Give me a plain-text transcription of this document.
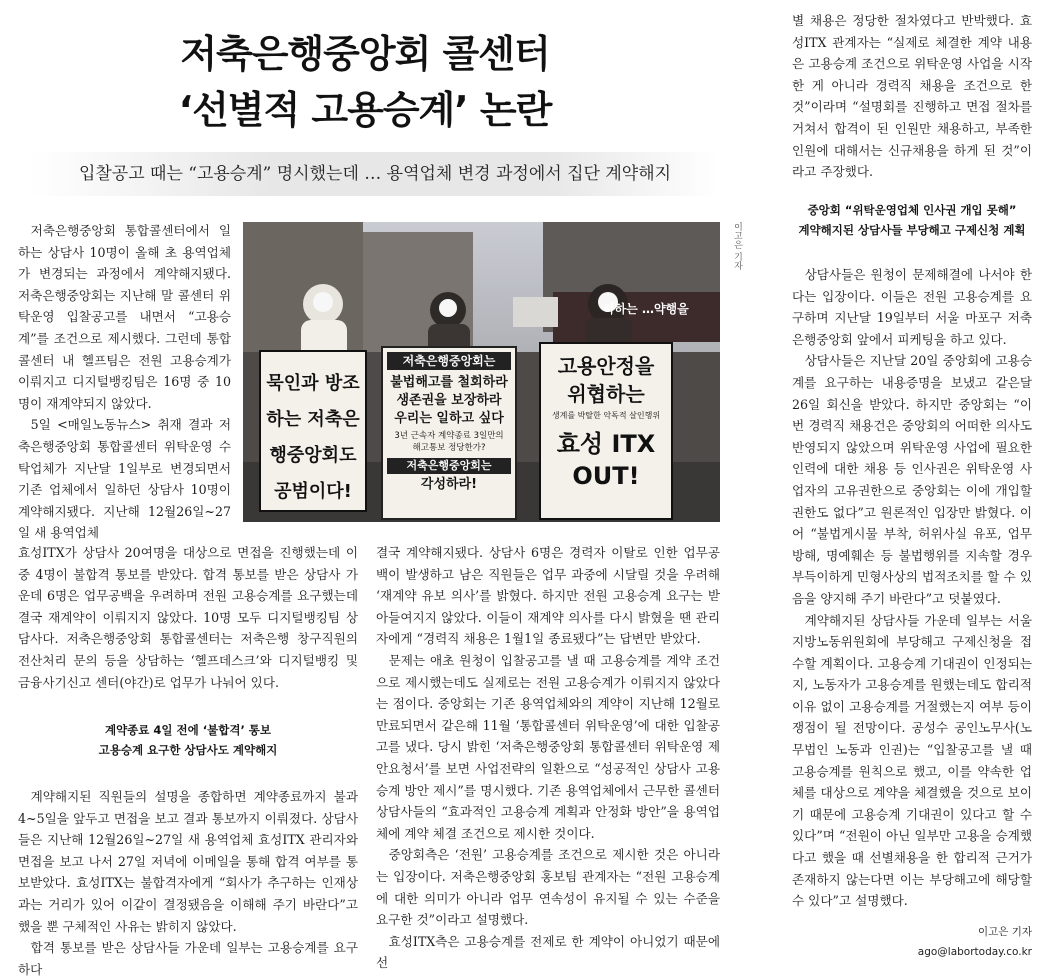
저축은행중앙회 콜센터
‘선별적 고용승계’ 논란
입찰공고 때는 “고용승계” 명시했는데 … 용역업체 변경 과정에서 집단 계약해지
묵인과 방조하는 저축은행중앙회도 공범이다!
저축은행중앙회는
불법해고를 철회하라
생존권을 보장하라
우리는 일하고 싶다
3년 근속자 계약종료 3일만의 해고통보 정당한가?
저축은행중앙회는
각성하라!
고용안정을 위협하는
생계를 박탈한 악독적 살인행위
효성 ITX OUT!
하하는 …약행을
이고은 기자

저축은행중앙회 통합콜센터에서 일하는 상담사 10명이 올해 초 용역업체가 변경되는 과정에서 계약해지됐다. 저축은행중앙회는 지난해 말 콜센터 위탁운영 입찰공고를 내면서 “고용승계”를 조건으로 제시했다. 그런데 통합콜센터 내 헬프팀은 전원 고용승계가 이뤄지고 디지털뱅킹팀은 16명 중 10명이 재계약되지 않았다.

5일 <매일노동뉴스> 취재 결과 저축은행중앙회 통합콜센터 위탁운영 수탁업체가 지난달 1일부로 변경되면서 기존 업체에서 일하던 상담사 10명이 계약해지됐다. 지난해 12월26일~27일 새 용역업체

효성ITX가 상담사 20여명을 대상으로 면접을 진행했는데 이 중 4명이 불합격 통보를 받았다. 합격 통보를 받은 상담사 가운데 6명은 업무공백을 우려하며 전원 고용승계를 요구했는데 결국 재계약이 이뤄지지 않았다. 10명 모두 디지털뱅킹팀 상담사다. 저축은행중앙회 통합콜센터는 저축은행 창구직원의 전산처리 문의 등을 상담하는 ‘헬프데스크’와 디지털뱅킹 및 금융사기신고 센터(야간)로 업무가 나눠어 있다.

계약종료 4일 전에 ‘불합격’ 통보
고용승계 요구한 상담사도 계약해지

계약해지된 직원들의 설명을 종합하면 계약종료까지 불과 4~5일을 앞두고 면접을 보고 결과 통보까지 이뤄졌다. 상담사들은 지난해 12월26일~27일 새 용역업체 효성ITX 관리자와 면접을 보고 나서 27일 저녁에 이메일을 통해 합격 여부를 통보받았다. 효성ITX는 불합격자에게 “회사가 추구하는 인재상과는 거리가 있어 이같이 결정됐음을 이해해 주기 바란다”고 했을 뿐 구체적인 사유는 밝히지 않았다.

합격 통보를 받은 상담사들 가운데 일부는 고용승계를 요구하다

결국 계약해지됐다. 상담사 6명은 경력자 이탈로 인한 업무공백이 발생하고 남은 직원들은 업무 과중에 시달릴 것을 우려해 ‘재계약 유보 의사’를 밝혔다. 하지만 전원 고용승계 요구는 받아들여지지 않았다. 이들이 재계약 의사를 다시 밝혔을 땐 관리자에게 “경력직 채용은 1월1일 종료됐다”는 답변만 받았다.

문제는 애초 원청이 입찰공고를 낼 때 고용승계를 계약 조건으로 제시했는데도 실제로는 전원 고용승계가 이뤄지지 않았다는 점이다. 중앙회는 기존 용역업체와의 계약이 지난해 12월로 만료되면서 같은해 11월 ‘통합콜센터 위탁운영’에 대한 입찰공고를 냈다. 당시 밝힌 ‘저축은행중앙회 통합콜센터 위탁운영 제안요청서’를 보면 사업전략의 일환으로 “성공적인 상담사 고용승계 방안 제시”를 명시했다. 기존 용역업체에서 근무한 콜센터 상담사들의 “효과적인 고용승계 계획과 안정화 방안”을 용역업체에 계약 체결 조건으로 제시한 것이다.

중앙회측은 ‘전원’ 고용승계를 조건으로 제시한 것은 아니라는 입장이다. 저축은행중앙회 홍보팀 관계자는 “전원 고용승계에 대한 의미가 아니라 업무 연속성이 유지될 수 있는 수준을 요구한 것”이라고 설명했다.

효성ITX측은 고용승계를 전제로 한 계약이 아니었기 때문에 선

별 채용은 정당한 절차였다고 반박했다. 효성ITX 관계자는 “실제로 체결한 계약 내용은 고용승계 조건으로 위탁운영 사업을 시작한 게 아니라 경력직 채용을 조건으로 한 것”이라며 “설명회를 진행하고 면접 절차를 거쳐서 합격이 된 인원만 채용하고, 부족한 인원에 대해서는 신규채용을 하게 된 것”이라고 주장했다.

중앙회 “위탁운영업체 인사권 개입 못해”
계약해지된 상담사들 부당해고 구제신청 계획

상담사들은 원청이 문제해결에 나서야 한다는 입장이다. 이들은 전원 고용승계를 요구하며 지난달 19일부터 서울 마포구 저축은행중앙회 앞에서 피케팅을 하고 있다.

상담사들은 지난달 20일 중앙회에 고용승계를 요구하는 내용증명을 보냈고 같은달 26일 회신을 받았다. 하지만 중앙회는 “이번 경력직 채용건은 중앙회의 어떠한 의사도 반영되지 않았으며 위탁운영 사업에 필요한 인력에 대한 채용 등 인사권은 위탁운영 사업자의 고유권한으로 중앙회는 이에 개입할 권한도 없다”고 원론적인 입장만 밝혔다. 이어 “불법게시물 부착, 허위사실 유포, 업무방해, 명예훼손 등 불법행위를 지속할 경우 부득이하게 민형사상의 법적조치를 할 수 있음을 양지해 주기 바란다”고 덧붙였다.

계약해지된 상담사들 가운데 일부는 서울지방노동위원회에 부당해고 구제신청을 접수할 계획이다. 고용승계 기대권이 인정되는지, 노동자가 고용승계를 원했는데도 합리적 이유 없이 고용승계를 거절했는지 여부 등이 쟁점이 될 전망이다. 공성수 공인노무사(노무법인 노동과 인권)는 “입찰공고를 낼 때 고용승계를 원칙으로 했고, 이를 약속한 업체를 대상으로 계약을 체결했을 것으로 보이기 때문에 고용승계 기대권이 있다고 할 수 있다”며 “전원이 아닌 일부만 고용을 승계했다고 했을 때 선별채용을 한 합리적 근거가 존재하지 않는다면 이는 부당해고에 해당할 수 있다”고 설명했다.

이고은 기자
ago@labortoday.co.kr
